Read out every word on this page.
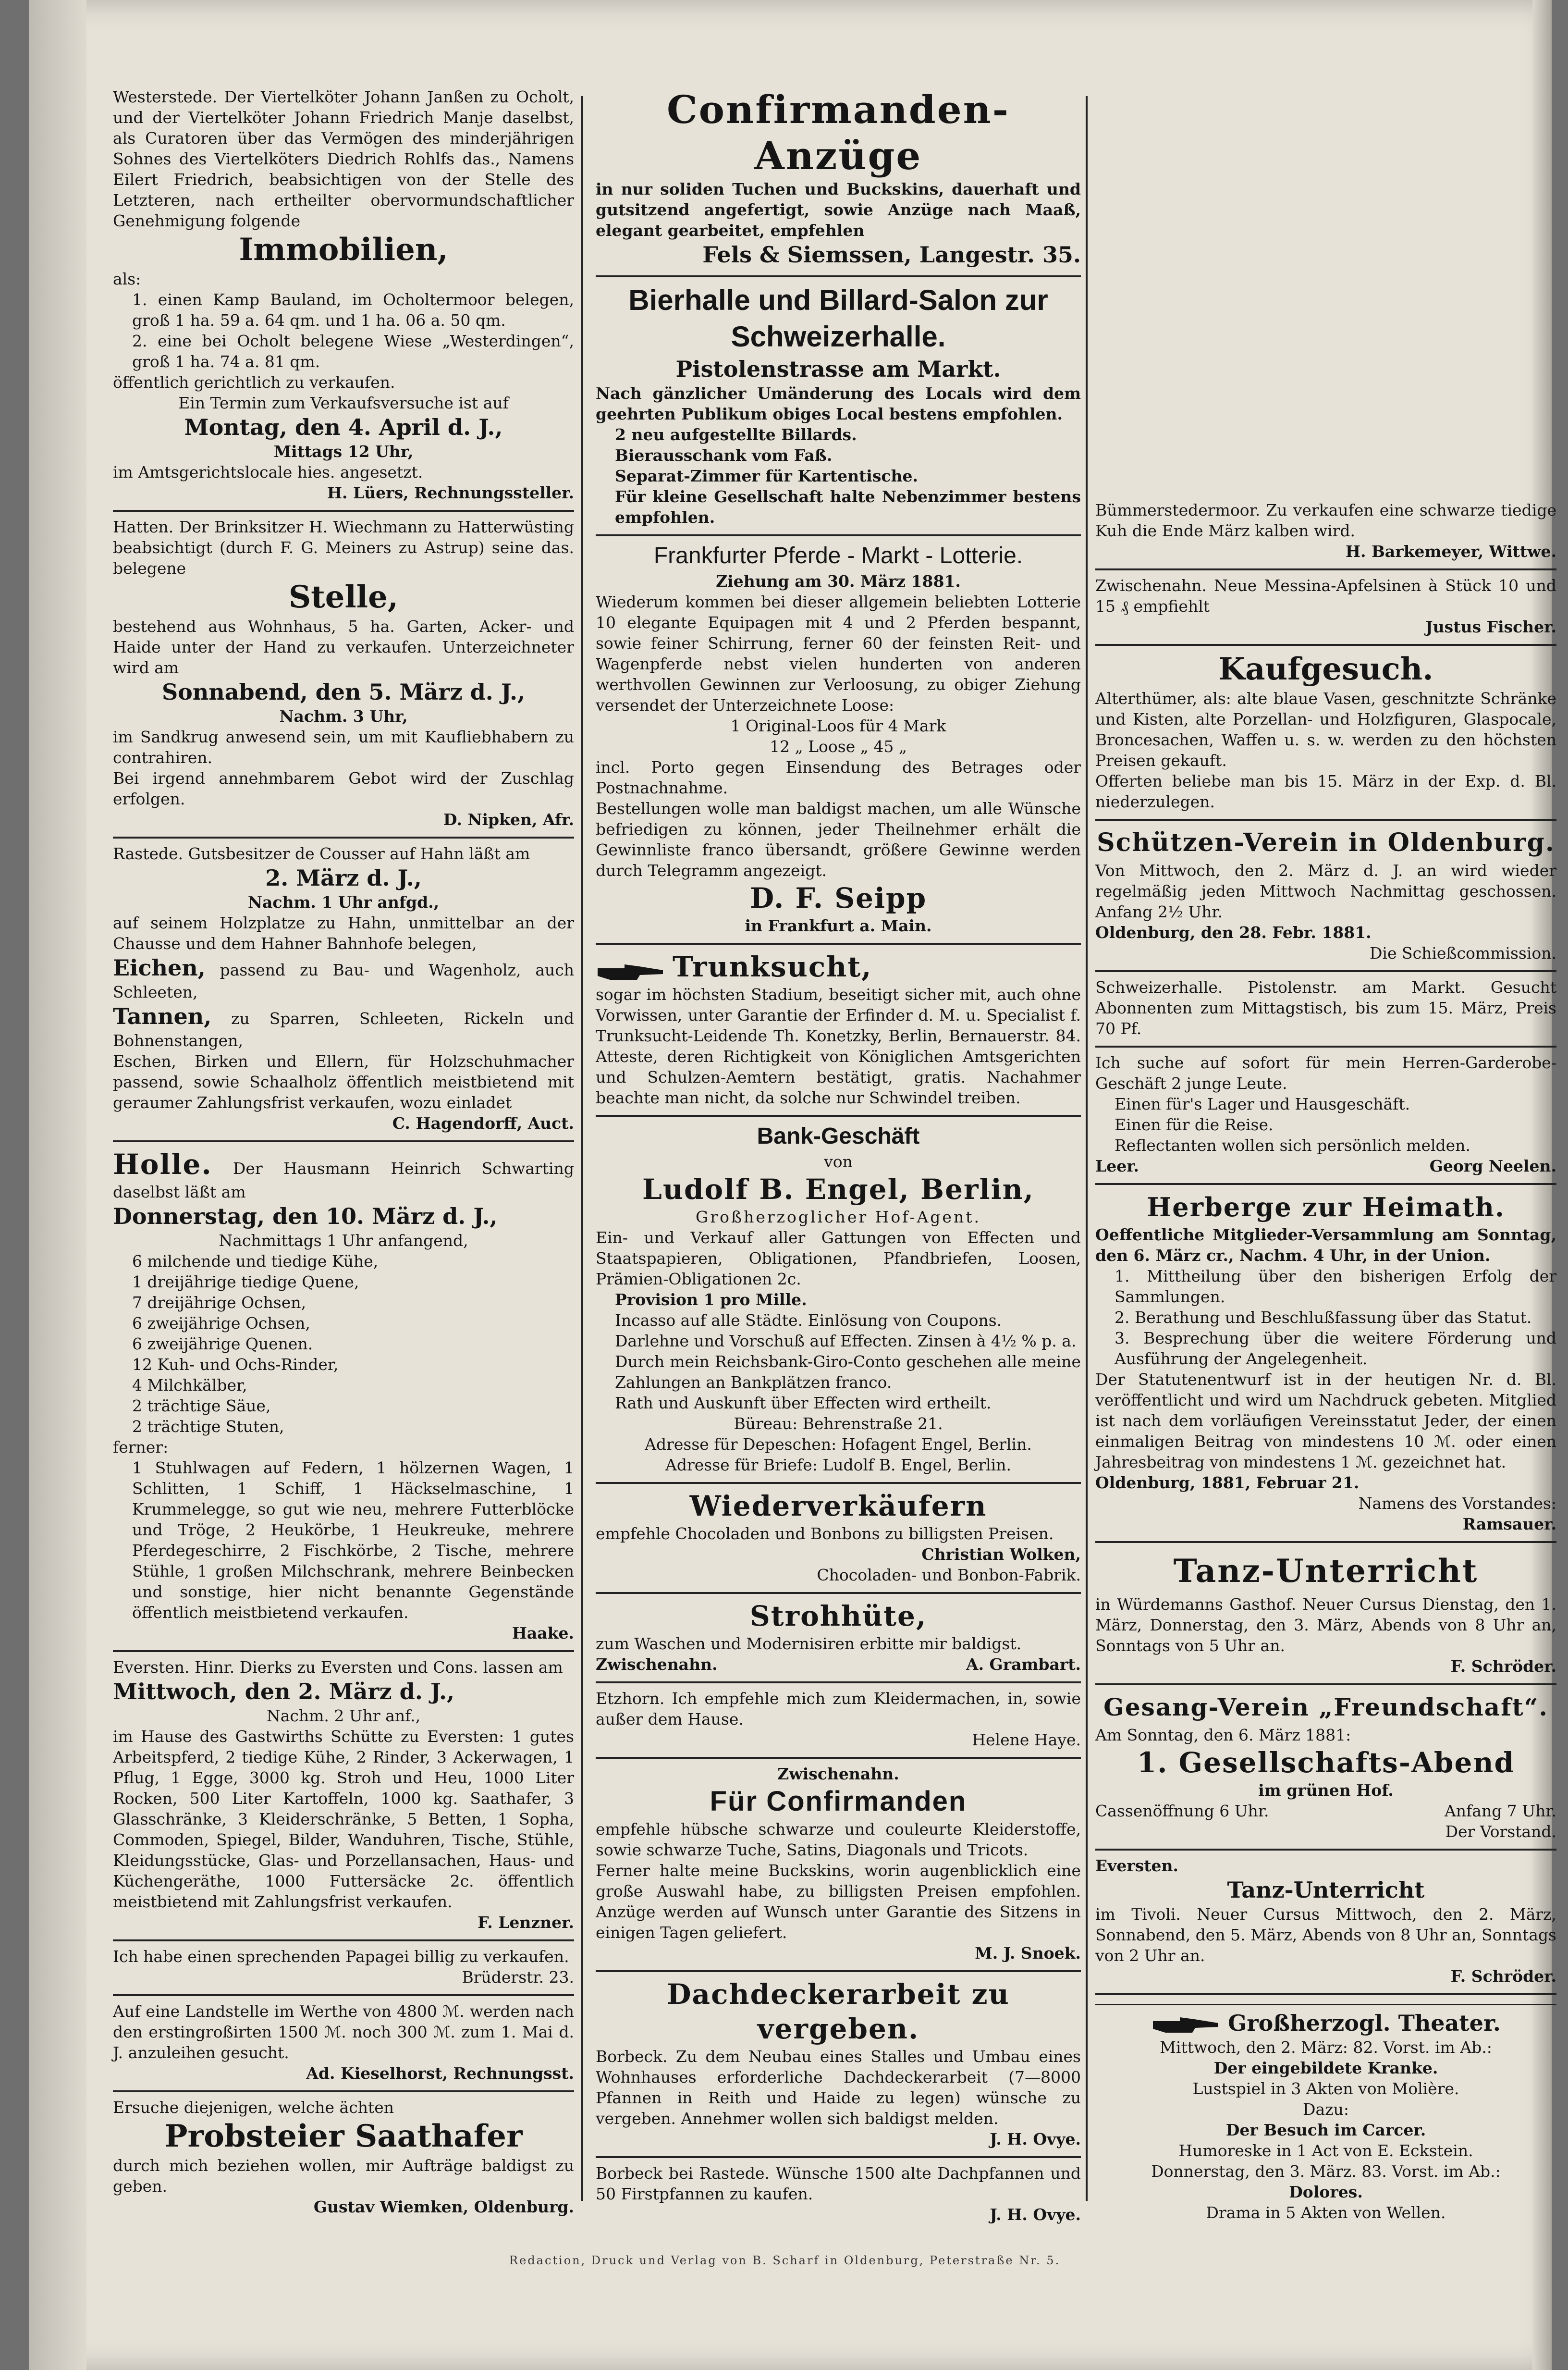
Westerstede. Der Viertelköter Johann Janßen zu Ocholt, und der Viertelköter Johann Friedrich Manje daselbst, als Curatoren über das Vermögen des minderjährigen Sohnes des Viertelköters Diedrich Rohlfs das., Namens Eilert Friedrich, beabsichtigen von der Stelle des Letzteren, nach ertheilter obervormundschaftlicher Genehmigung folgende

Immobilien,

als:

1. einen Kamp Bauland, im Ocholtermoor belegen, groß 1 ha. 59 a. 64 qm. und 1 ha. 06 a. 50 qm.

2. eine bei Ocholt belegene Wiese „Westerdingen“, groß 1 ha. 74 a. 81 qm.

öffentlich gerichtlich zu verkaufen.

Ein Termin zum Verkaufsversuche ist auf

Montag, den 4. April d. J.,

Mittags 12 Uhr,

im Amtsgerichtslocale hies. angesetzt.

H. Lüers, Rechnungssteller.

Hatten. Der Brinksitzer H. Wiechmann zu Hatterwüsting beabsichtigt (durch F. G. Meiners zu Astrup) seine das. belegene

Stelle,

bestehend aus Wohnhaus, 5 ha. Garten, Acker- und Haide unter der Hand zu verkaufen. Unterzeichneter wird am

Sonnabend, den 5. März d. J.,

Nachm. 3 Uhr,

im Sandkrug anwesend sein, um mit Kaufliebhabern zu contrahiren.

Bei irgend annehmbarem Gebot wird der Zuschlag erfolgen.

D. Nipken, Afr.

Rastede. Gutsbesitzer de Cousser auf Hahn läßt am

2. März d. J.,

Nachm. 1 Uhr anfgd.,

auf seinem Holzplatze zu Hahn, unmittelbar an der Chausse und dem Hahner Bahnhofe belegen,

Eichen, passend zu Bau- und Wagenholz, auch Schleeten,

Tannen, zu Sparren, Schleeten, Rickeln und Bohnenstangen,

Eschen, Birken und Ellern, für Holzschuhmacher passend, sowie Schaalholz öffentlich meistbietend mit geraumer Zahlungsfrist verkaufen, wozu einladet

C. Hagendorff, Auct.

Holle. Der Hausmann Heinrich Schwarting daselbst läßt am

Donnerstag, den 10. März d. J.,

Nachmittags 1 Uhr anfangend,

6 milchende und tiedige Kühe,

1 dreijährige tiedige Quene,

7 dreijährige Ochsen,

6 zweijährige Ochsen,

6 zweijährige Quenen.

12 Kuh- und Ochs-Rinder,

4 Milchkälber,

2 trächtige Säue,

2 trächtige Stuten,

ferner:

1 Stuhlwagen auf Federn, 1 hölzernen Wagen, 1 Schlitten, 1 Schiff, 1 Häckselmaschine, 1 Krummelegge, so gut wie neu, mehrere Futterblöcke und Tröge, 2 Heukörbe, 1 Heukreuke, mehrere Pferdegeschirre, 2 Fischkörbe, 2 Tische, mehrere Stühle, 1 großen Milchschrank, mehrere Beinbecken und sonstige, hier nicht benannte Gegenstände öffentlich meistbietend verkaufen.

Haake.

Eversten. Hinr. Dierks zu Eversten und Cons. lassen am

Mittwoch, den 2. März d. J.,

Nachm. 2 Uhr anf.,

im Hause des Gastwirths Schütte zu Eversten: 1 gutes Arbeitspferd, 2 tiedige Kühe, 2 Rinder, 3 Ackerwagen, 1 Pflug, 1 Egge, 3000 kg. Stroh und Heu, 1000 Liter Rocken, 500 Liter Kartoffeln, 1000 kg. Saathafer, 3 Glasschränke, 3 Kleiderschränke, 5 Betten, 1 Sopha, Commoden, Spiegel, Bilder, Wanduhren, Tische, Stühle, Kleidungsstücke, Glas- und Porzellansachen, Haus- und Küchengeräthe, 1000 Futtersäcke 2c. öffentlich meistbietend mit Zahlungsfrist verkaufen.

F. Lenzner.

Ich habe einen sprechenden Papagei billig zu verkaufen.

Brüderstr. 23.

Auf eine Landstelle im Werthe von 4800 ℳ. werden nach den erstingroßirten 1500 ℳ. noch 300 ℳ. zum 1. Mai d. J. anzuleihen gesucht.

Ad. Kieselhorst, Rechnungsst.

Ersuche diejenigen, welche ächten

Probsteier Saathafer

durch mich beziehen wollen, mir Aufträge baldigst zu geben.

Gustav Wiemken, Oldenburg.

Confirmanden-Anzüge

in nur soliden Tuchen und Buckskins, dauerhaft und gutsitzend angefertigt, sowie Anzüge nach Maaß, elegant gearbeitet, empfehlen

Fels & Siemssen, Langestr. 35.

Bierhalle und Billard-Salon zur Schweizerhalle.

Pistolenstrasse am Markt.

Nach gänzlicher Umänderung des Locals wird dem geehrten Publikum obiges Local bestens empfohlen.

2 neu aufgestellte Billards.

Bierausschank vom Faß.

Separat-Zimmer für Kartentische.

Für kleine Gesellschaft halte Nebenzimmer bestens empfohlen.

Frankfurter Pferde - Markt - Lotterie.

Ziehung am 30. März 1881.

Wiederum kommen bei dieser allgemein beliebten Lotterie 10 elegante Equipagen mit 4 und 2 Pferden bespannt, sowie feiner Schirrung, ferner 60 der feinsten Reit- und Wagenpferde nebst vielen hunderten von anderen werthvollen Gewinnen zur Verloosung, zu obiger Ziehung versendet der Unterzeichnete Loose:

1 Original-Loos für 4 Mark

12 „ Loose „ 45 „

incl. Porto gegen Einsendung des Betrages oder Postnachnahme.

Bestellungen wolle man baldigst machen, um alle Wünsche befriedigen zu können, jeder Theilnehmer erhält die Gewinnliste franco übersandt, größere Gewinne werden durch Telegramm angezeigt.

D. F. Seipp

in Frankfurt a. Main.

Trunksucht,

sogar im höchsten Stadium, beseitigt sicher mit, auch ohne Vorwissen, unter Garantie der Erfinder d. M. u. Specialist f. Trunksucht-Leidende Th. Konetzky, Berlin, Bernauerstr. 84. Atteste, deren Richtigkeit von Königlichen Amtsgerichten und Schulzen-Aemtern bestätigt, gratis. Nachahmer beachte man nicht, da solche nur Schwindel treiben.

Bank-Geschäft

von

Ludolf B. Engel, Berlin,

Großherzoglicher Hof-Agent.

Ein- und Verkauf aller Gattungen von Effecten und Staatspapieren, Obligationen, Pfandbriefen, Loosen, Prämien-Obligationen 2c.

Provision 1 pro Mille.

Incasso auf alle Städte. Einlösung von Coupons.

Darlehne und Vorschuß auf Effecten. Zinsen à 4½ % p. a.

Durch mein Reichsbank-Giro-Conto geschehen alle meine Zahlungen an Bankplätzen franco.

Rath und Auskunft über Effecten wird ertheilt.

Büreau: Behrenstraße 21.

Adresse für Depeschen: Hofagent Engel, Berlin.

Adresse für Briefe: Ludolf B. Engel, Berlin.

Wiederverkäufern

empfehle Chocoladen und Bonbons zu billigsten Preisen.

Christian Wolken,

Chocoladen- und Bonbon-Fabrik.

Strohhüte,

zum Waschen und Modernisiren erbitte mir baldigst.

Zwischenahn.	A. Grambart.

Etzhorn. Ich empfehle mich zum Kleidermachen, in, sowie außer dem Hause.

Helene Haye.

Zwischenahn.

Für Confirmanden

empfehle hübsche schwarze und couleurte Kleiderstoffe, sowie schwarze Tuche, Satins, Diagonals und Tricots.

Ferner halte meine Buckskins, worin augenblicklich eine große Auswahl habe, zu billigsten Preisen empfohlen. Anzüge werden auf Wunsch unter Garantie des Sitzens in einigen Tagen geliefert.

M. J. Snoek.

Dachdeckerarbeit zu vergeben.

Borbeck. Zu dem Neubau eines Stalles und Umbau eines Wohnhauses erforderliche Dachdeckerarbeit (7—8000 Pfannen in Reith und Haide zu legen) wünsche zu vergeben. Annehmer wollen sich baldigst melden.

J. H. Ovye.

Borbeck bei Rastede. Wünsche 1500 alte Dachpfannen und 50 Firstpfannen zu kaufen.

J. H. Ovye.

Bümmerstedermoor. Zu verkaufen eine schwarze tiedige Kuh die Ende März kalben wird.

H. Barkemeyer, Wittwe.

Zwischenahn. Neue Messina-Apfelsinen à Stück 10 und 15 ₰ empfiehlt

Justus Fischer.

Kaufgesuch.

Alterthümer, als: alte blaue Vasen, geschnitzte Schränke und Kisten, alte Porzellan- und Holzfiguren, Glaspocale, Broncesachen, Waffen u. s. w. werden zu den höchsten Preisen gekauft.

Offerten beliebe man bis 15. März in der Exp. d. Bl. niederzulegen.

Schützen-Verein in Oldenburg.

Von Mittwoch, den 2. März d. J. an wird wieder regelmäßig jeden Mittwoch Nachmittag geschossen. Anfang 2½ Uhr.

Oldenburg, den 28. Febr. 1881.

Die Schießcommission.

Schweizerhalle. Pistolenstr. am Markt. Gesucht Abonnenten zum Mittagstisch, bis zum 15. März, Preis 70 Pf.

Ich suche auf sofort für mein Herren-Garderobe-Geschäft 2 junge Leute.

Einen für's Lager und Hausgeschäft.

Einen für die Reise.

Reflectanten wollen sich persönlich melden.

Leer.	Georg Neelen.

Herberge zur Heimath.

Oeffentliche Mitglieder-Versammlung am Sonntag, den 6. März cr., Nachm. 4 Uhr, in der Union.

1. Mittheilung über den bisherigen Erfolg der Sammlungen.

2. Berathung und Beschlußfassung über das Statut.

3. Besprechung über die weitere Förderung und Ausführung der Angelegenheit.

Der Statutenentwurf ist in der heutigen Nr. d. Bl. veröffentlicht und wird um Nachdruck gebeten. Mitglied ist nach dem vorläufigen Vereinsstatut Jeder, der einen einmaligen Beitrag von mindestens 10 ℳ. oder einen Jahresbeitrag von mindestens 1 ℳ. gezeichnet hat.

Oldenburg, 1881, Februar 21.

Namens des Vorstandes:

Ramsauer.

Tanz-Unterricht

in Würdemanns Gasthof. Neuer Cursus Dienstag, den 1. März, Donnerstag, den 3. März, Abends von 8 Uhr an, Sonntags von 5 Uhr an.

F. Schröder.

Gesang-Verein „Freundschaft“.

Am Sonntag, den 6. März 1881:

1. Gesellschafts-Abend

im grünen Hof.

Cassenöffnung 6 Uhr.	Anfang 7 Uhr.

Der Vorstand.

Eversten.

Tanz-Unterricht

im Tivoli. Neuer Cursus Mittwoch, den 2. März, Sonnabend, den 5. März, Abends von 8 Uhr an, Sonntags von 2 Uhr an.

F. Schröder.

Großherzogl. Theater.

Mittwoch, den 2. März: 82. Vorst. im Ab.:

Der eingebildete Kranke.

Lustspiel in 3 Akten von Molière.

Dazu:

Der Besuch im Carcer.

Humoreske in 1 Act von E. Eckstein.

Donnerstag, den 3. März. 83. Vorst. im Ab.:

Dolores.

Drama in 5 Akten von Wellen.

Redaction, Druck und Verlag von B. Scharf in Oldenburg, Peterstraße Nr. 5.
